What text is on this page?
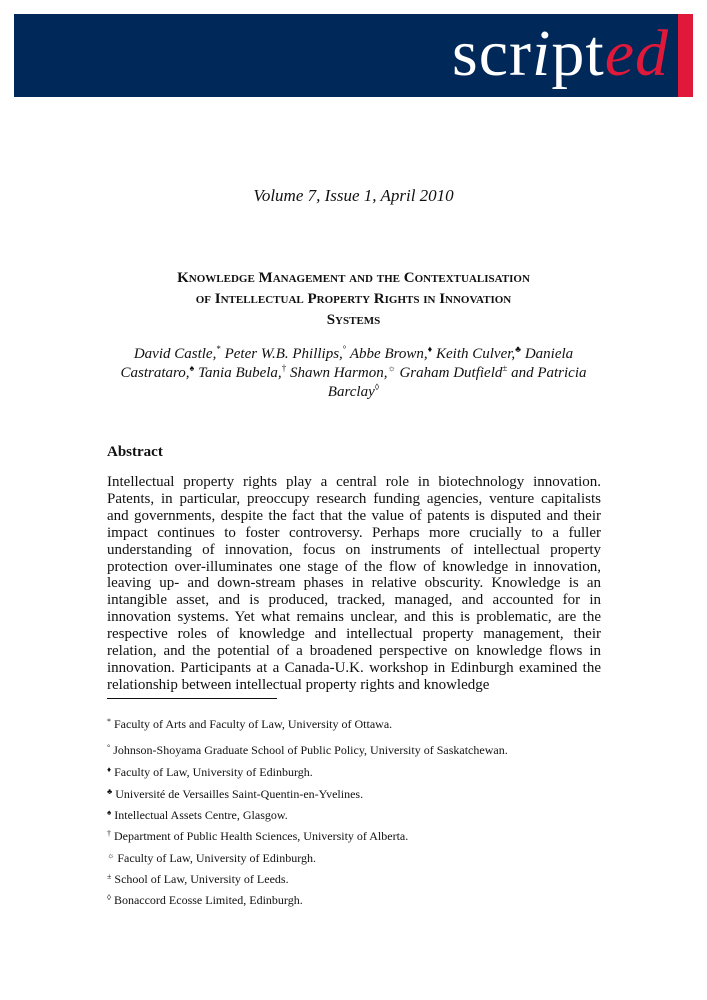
scripted
Volume 7, Issue 1, April 2010
Knowledge Management and the Contextualisation
of Intellectual Property Rights in Innovation
Systems
David Castle,* Peter W.B. Phillips,° Abbe Brown,♦ Keith Culver,♣ Daniela Castrataro,♠ Tania Bubela,† Shawn Harmon,☼ Graham Dutfield± and Patricia Barclay◊
Abstract
Intellectual property rights play a central role in biotechnology innovation. Patents, in particular, preoccupy research funding agencies, venture capitalists and governments, despite the fact that the value of patents is disputed and their impact continues to foster controversy. Perhaps more crucially to a fuller understanding of innovation, focus on instruments of intellectual property protection over-illuminates one stage of the flow of knowledge in innovation, leaving up- and down-stream phases in relative obscurity. Knowledge is an intangible asset, and is produced, tracked, managed, and accounted for in innovation systems. Yet what remains unclear, and this is problematic, are the respective roles of knowledge and intellectual property management, their relation, and the potential of a broadened perspective on knowledge flows in innovation. Participants at a Canada-U.K. workshop in Edinburgh examined the relationship between intellectual property rights and knowledge
* Faculty of Arts and Faculty of Law, University of Ottawa.
° Johnson-Shoyama Graduate School of Public Policy, University of Saskatchewan.
♦ Faculty of Law, University of Edinburgh.
♣ Université de Versailles Saint-Quentin-en-Yvelines.
♠ Intellectual Assets Centre, Glasgow.
† Department of Public Health Sciences, University of Alberta.
☼ Faculty of Law, University of Edinburgh.
± School of Law, University of Leeds.
◊ Bonaccord Ecosse Limited, Edinburgh.
